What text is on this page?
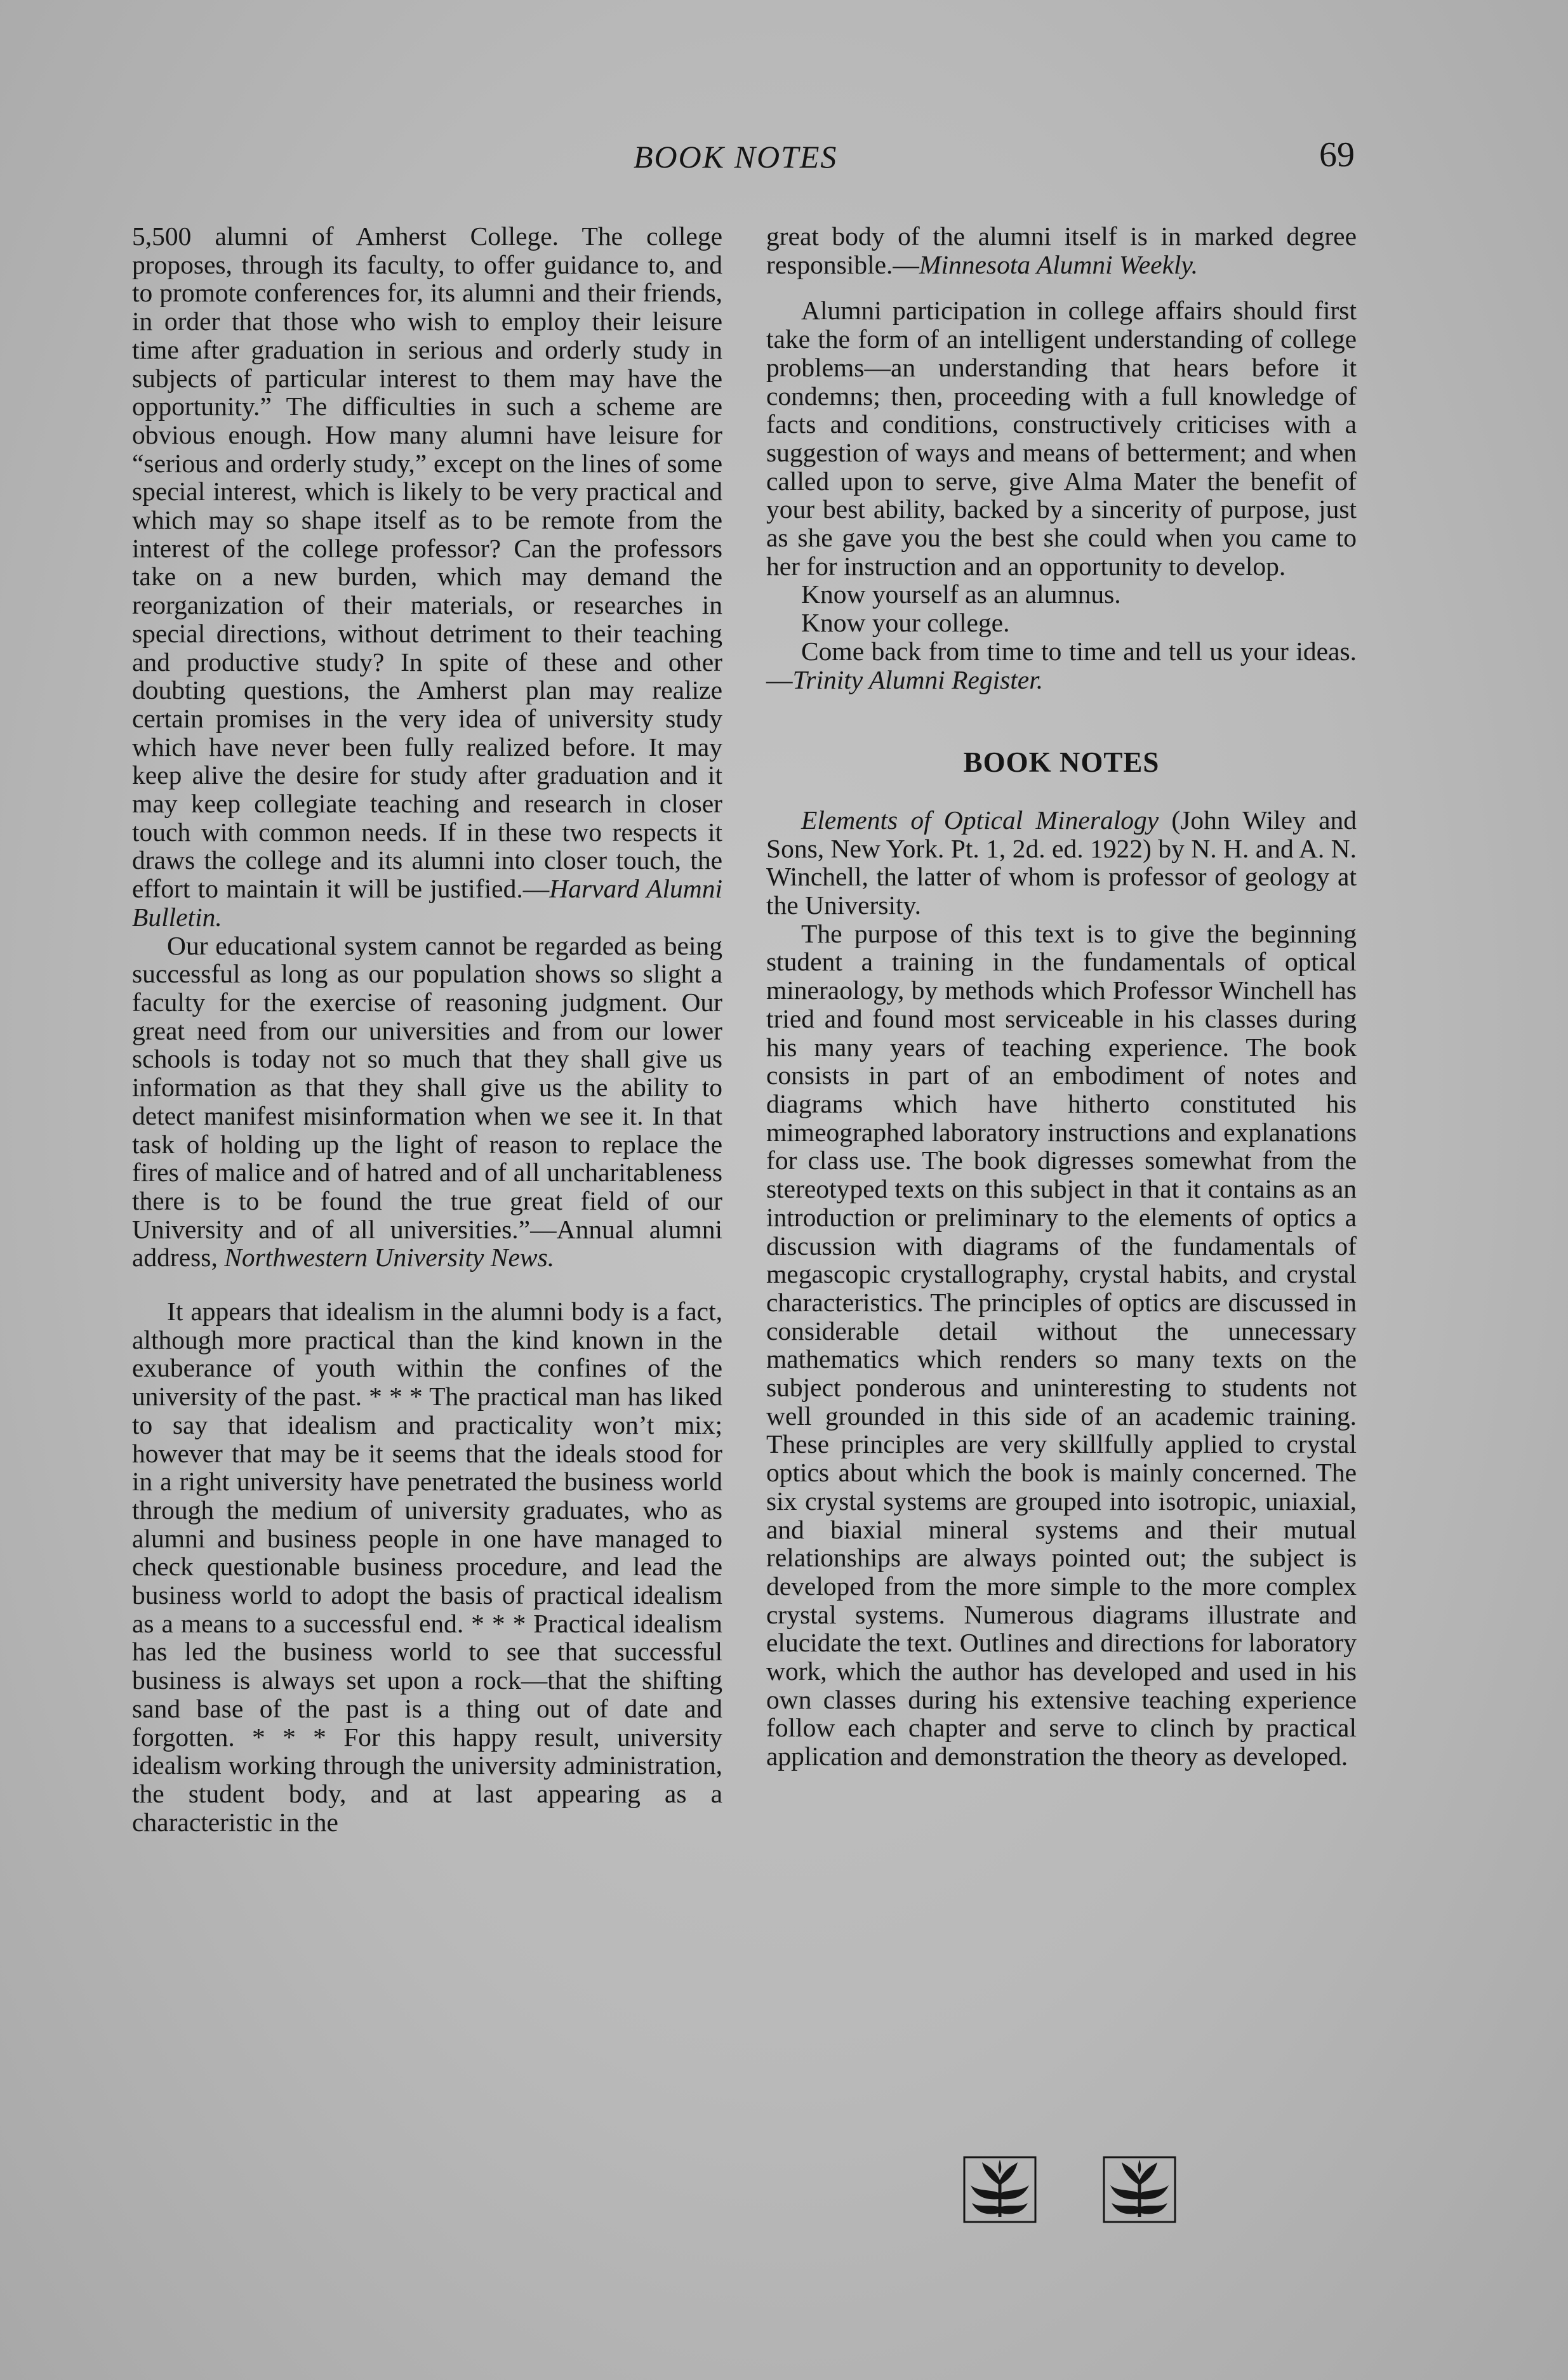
BOOK NOTES	69

5,500 alumni of Amherst College. The college proposes, through its faculty, to offer guidance to, and to promote conferences for, its alumni and their friends, in order that those who wish to employ their leisure time after graduation in serious and orderly study in subjects of particular interest to them may have the opportunity.” The difficulties in such a scheme are obvious enough. How many alumni have leisure for “serious and orderly study,” except on the lines of some special interest, which is likely to be very practical and which may so shape itself as to be remote from the interest of the college professor? Can the professors take on a new burden, which may demand the reorganization of their materials, or researches in special directions, without detriment to their teaching and productive study? In spite of these and other doubting questions, the Amherst plan may realize certain promises in the very idea of university study which have never been fully realized before. It may keep alive the desire for study after graduation and it may keep collegiate teaching and research in closer touch with common needs. If in these two respects it draws the college and its alumni into closer touch, the effort to maintain it will be justified.—Harvard Alumni Bulletin.

Our educational system cannot be regarded as being successful as long as our population shows so slight a faculty for the exercise of reasoning judgment. Our great need from our universities and from our lower schools is today not so much that they shall give us information as that they shall give us the ability to detect manifest misinformation when we see it. In that task of holding up the light of reason to replace the fires of malice and of hatred and of all uncharitableness there is to be found the true great field of our University and of all universities.”—Annual alumni address, Northwestern University News.

It appears that idealism in the alumni body is a fact, although more practical than the kind known in the exuberance of youth within the confines of the university of the past. * * * The practical man has liked to say that idealism and practicality won’t mix; however that may be it seems that the ideals stood for in a right university have penetrated the business world through the medium of university graduates, who as alumni and business people in one have managed to check questionable business procedure, and lead the business world to adopt the basis of practical idealism as a means to a successful end. * * * Practical idealism has led the business world to see that successful business is always set upon a rock—that the shifting sand base of the past is a thing out of date and forgotten. * * * For this happy result, university idealism working through the university administration, the student body, and at last appearing as a characteristic in the

great body of the alumni itself is in marked degree responsible.—Minnesota Alumni Weekly.

Alumni participation in college affairs should first take the form of an intelligent understanding of college problems—an understanding that hears before it condemns; then, proceeding with a full knowledge of facts and conditions, constructively criticises with a suggestion of ways and means of betterment; and when called upon to serve, give Alma Mater the benefit of your best ability, backed by a sincerity of purpose, just as she gave you the best she could when you came to her for instruction and an opportunity to develop.

Know yourself as an alumnus.

Know your college.

Come back from time to time and tell us your ideas.—Trinity Alumni Register.

BOOK NOTES

Elements of Optical Mineralogy (John Wiley and Sons, New York. Pt. 1, 2d. ed. 1922) by N. H. and A. N. Winchell, the latter of whom is professor of geology at the University.

The purpose of this text is to give the beginning student a training in the fundamentals of optical mineraology, by methods which Professor Winchell has tried and found most serviceable in his classes during his many years of teaching experience. The book consists in part of an embodiment of notes and diagrams which have hitherto constituted his mimeographed laboratory instructions and explanations for class use. The book digresses somewhat from the stereotyped texts on this subject in that it contains as an introduction or preliminary to the elements of optics a discussion with diagrams of the fundamentals of megascopic crystallography, crystal habits, and crystal characteristics. The principles of optics are discussed in considerable detail without the unnecessary mathematics which renders so many texts on the subject ponderous and uninteresting to students not well grounded in this side of an academic training. These principles are very skillfully applied to crystal optics about which the book is mainly concerned. The six crystal systems are grouped into isotropic, uniaxial, and biaxial mineral systems and their mutual relationships are always pointed out; the subject is developed from the more simple to the more complex crystal systems. Numerous diagrams illustrate and elucidate the text. Outlines and directions for laboratory work, which the author has developed and used in his own classes during his extensive teaching experience follow each chapter and serve to clinch by practical application and demonstration the theory as developed.
